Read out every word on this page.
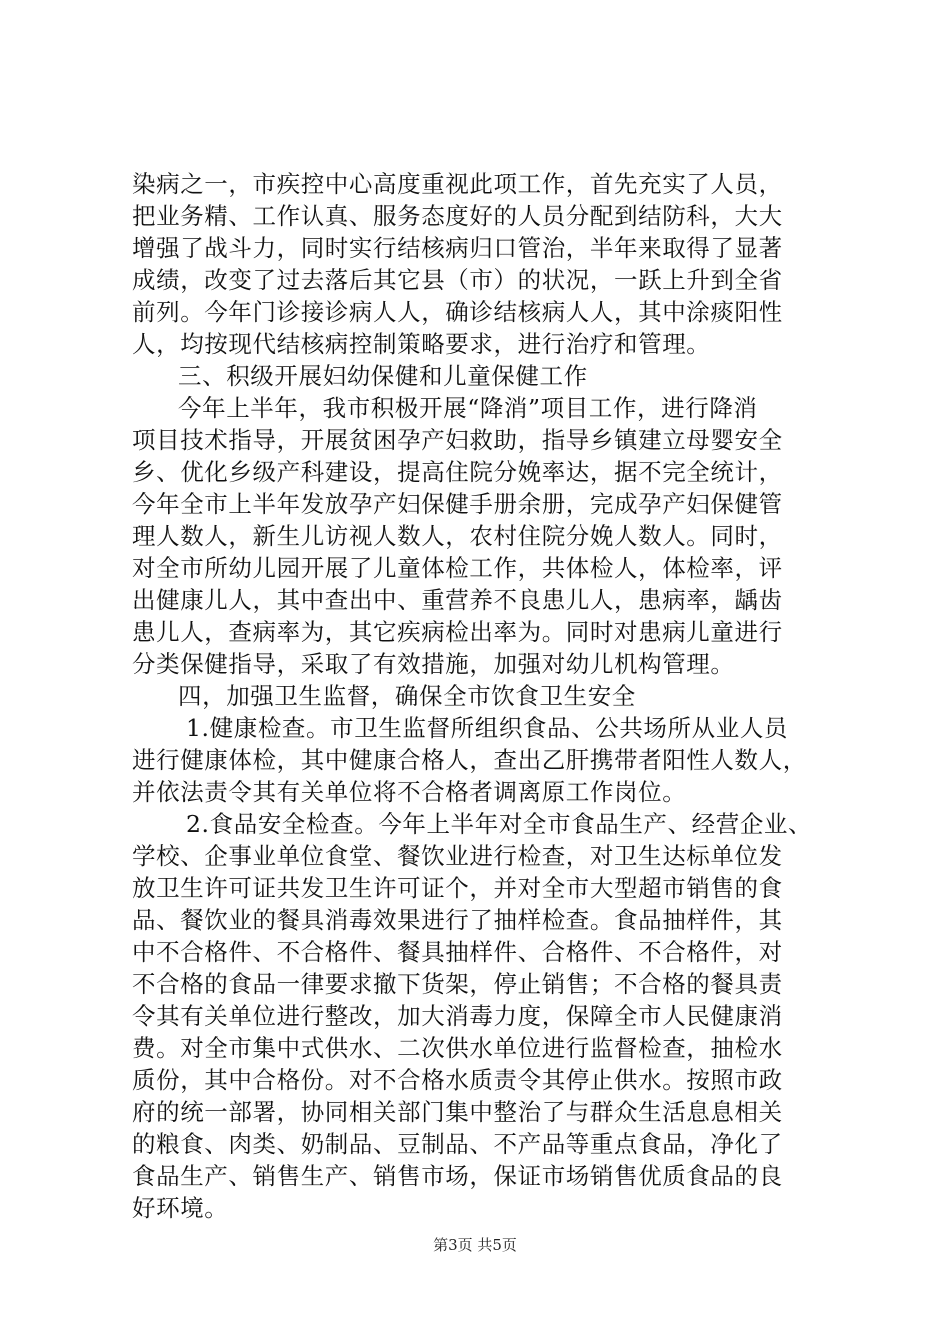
染病之一，市疾控中心高度重视此项工作，首先充实了人员，
把业务精、工作认真、服务态度好的人员分配到结防科，大大
增强了战斗力，同时实行结核病归口管治，半年来取得了显著
成绩，改变了过去落后其它县（市）的状况，一跃上升到全省
前列。今年门诊接诊病人人，确诊结核病人人，其中涂痰阳性
人，均按现代结核病控制策略要求，进行治疗和管理。
三、积级开展妇幼保健和儿童保健工作
今年上半年，我市积极开展“降消”项目工作，进行降消
项目技术指导，开展贫困孕产妇救助，指导乡镇建立母婴安全
乡、优化乡级产科建设，提高住院分娩率达，据不完全统计，
今年全市上半年发放孕产妇保健手册余册，完成孕产妇保健管
理人数人，新生儿访视人数人，农村住院分娩人数人。同时，
对全市所幼儿园开展了儿童体检工作，共体检人，体检率，评
出健康儿人，其中查出中、重营养不良患儿人，患病率，龋齿
患儿人，查病率为，其它疾病检出率为。同时对患病儿童进行
分类保健指导，采取了有效措施，加强对幼儿机构管理。
四，加强卫生监督，确保全市饮食卫生安全
1.健康检查。市卫生监督所组织食品、公共场所从业人员
进行健康体检，其中健康合格人，查出乙肝携带者阳性人数人，
并依法责令其有关单位将不合格者调离原工作岗位。
2.食品安全检查。今年上半年对全市食品生产、经营企业、
学校、企事业单位食堂、餐饮业进行检查，对卫生达标单位发
放卫生许可证共发卫生许可证个，并对全市大型超市销售的食
品、餐饮业的餐具消毒效果进行了抽样检查。食品抽样件，其
中不合格件、不合格件、餐具抽样件、合格件、不合格件，对
不合格的食品一律要求撤下货架，停止销售；不合格的餐具责
令其有关单位进行整改，加大消毒力度，保障全市人民健康消
费。对全市集中式供水、二次供水单位进行监督检查，抽检水
质份，其中合格份。对不合格水质责令其停止供水。按照市政
府的统一部署，协同相关部门集中整治了与群众生活息息相关
的粮食、肉类、奶制品、豆制品、不产品等重点食品，净化了
食品生产、销售生产、销售市场，保证市场销售优质食品的良
好环境。
第3页 共5页
